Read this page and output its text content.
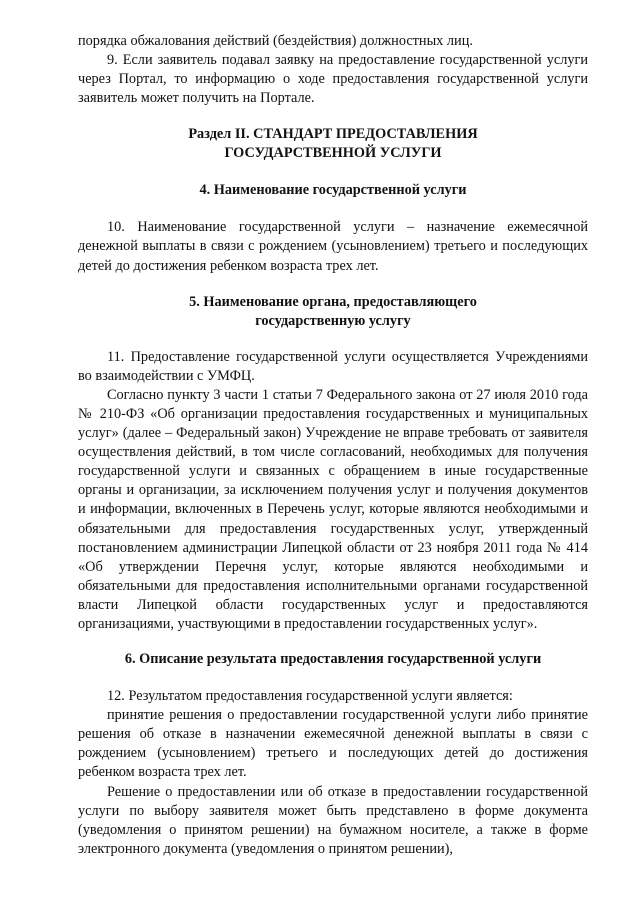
порядка обжалования действий (бездействия) должностных лиц.

9. Если заявитель подавал заявку на предоставление государственной услуги через Портал, то информацию о ходе предоставления государственной услуги заявитель может получить на Портале.

Раздел II. СТАНДАРТ ПРЕДОСТАВЛЕНИЯ
ГОСУДАРСТВЕННОЙ УСЛУГИ
4. Наименование государственной услуги

10. Наименование государственной услуги – назначение ежемесячной денежной выплаты в связи с рождением (усыновлением) третьего и последующих детей до достижения ребенком возраста трех лет.

5. Наименование органа, предоставляющего
государственную услугу

11. Предоставление государственной услуги осуществляется Учреждениями во взаимодействии с УМФЦ.

Согласно пункту 3 части 1 статьи 7 Федерального закона от 27 июля 2010 года № 210-ФЗ «Об организации предоставления государственных и муниципальных услуг» (далее – Федеральный закон) Учреждение не вправе требовать от заявителя осуществления действий, в том числе согласований, необходимых для получения государственной услуги и связанных с обращением в иные государственные органы и организации, за исключением получения услуг и получения документов и информации, включенных в Перечень услуг, которые являются необходимыми и обязательными для предоставления государственных услуг, утвержденный постановлением администрации Липецкой области от 23 ноября 2011 года № 414 «Об утверждении Перечня услуг, которые являются необходимыми и обязательными для предоставления исполнительными органами государственной власти Липецкой области государственных услуг и предоставляются организациями, участвующими в предоставлении государственных услуг».

6. Описание результата предоставления государственной услуги

12. Результатом предоставления государственной услуги является:

принятие решения о предоставлении государственной услуги либо принятие решения об отказе в назначении ежемесячной денежной выплаты в связи с рождением (усыновлением) третьего и последующих детей до достижения ребенком возраста трех лет.

Решение о предоставлении или об отказе в предоставлении государственной услуги по выбору заявителя может быть представлено в форме документа (уведомления о принятом решении) на бумажном носителе, а также в форме электронного документа (уведомления о принятом решении),
